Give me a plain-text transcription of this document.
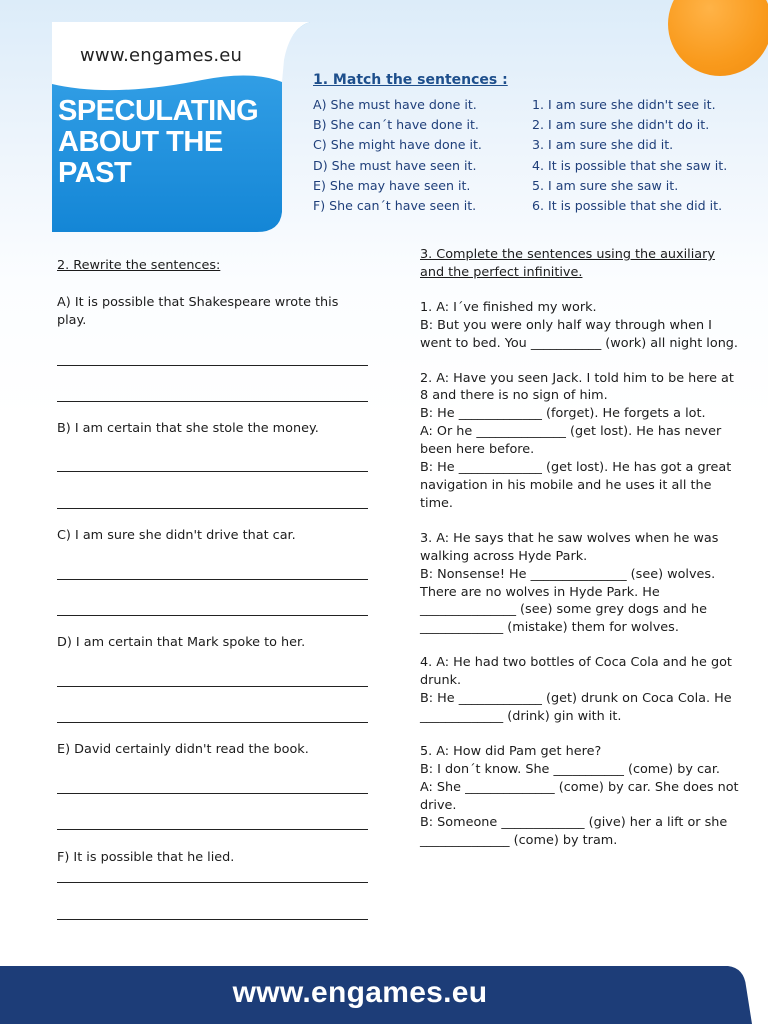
www.engames.eu
SPECULATING
ABOUT THE
PAST
1. Match the sentences :
A) She must have done it.
B) She can´t have done it.
C) She might have done it.
D) She must have seen it.
E) She may have seen it.
F) She can´t have seen it.
1. I am sure she didn't see it.
2. I am sure she didn't do it.
3. I am sure she did it.
4. It is possible that she saw it.
5. I am sure she saw it.
6. It is possible that she did it.

2. Rewrite the sentences:

A) It is possible that Shakespeare wrote this play.

B) I am certain that she stole the money.

C) I am sure she didn't drive that car.

D) I am certain that Mark spoke to her.

E) David certainly didn't read the book.

F) It is possible that he lied.

3. Complete the sentences using the auxiliary and the perfect infinitive.

1. A: I´ve finished my work.

B: But you were only half way through when I went to bed. You ___________ (work) all night long.

2. A: Have you seen Jack. I told him to be here at 8 and there is no sign of him.

B: He _____________ (forget). He forgets a lot.

A: Or he ______________ (get lost). He has never been here before.

B: He _____________ (get lost). He has got a great navigation in his mobile and he uses it all the time.

3. A: He says that he saw wolves when he was walking across Hyde Park.

B: Nonsense! He _______________ (see) wolves. There are no wolves in Hyde Park. He _______________ (see) some grey dogs and he _____________ (mistake) them for wolves.

4. A: He had two bottles of Coca Cola and he got drunk.

B: He _____________ (get) drunk on Coca Cola. He _____________ (drink) gin with it.

5. A: How did Pam get here?

B: I don´t know. She ___________ (come) by car.

A: She ______________ (come) by car. She does not drive.

B: Someone _____________ (give) her a lift or she ______________ (come) by tram.

www.engames.eu
